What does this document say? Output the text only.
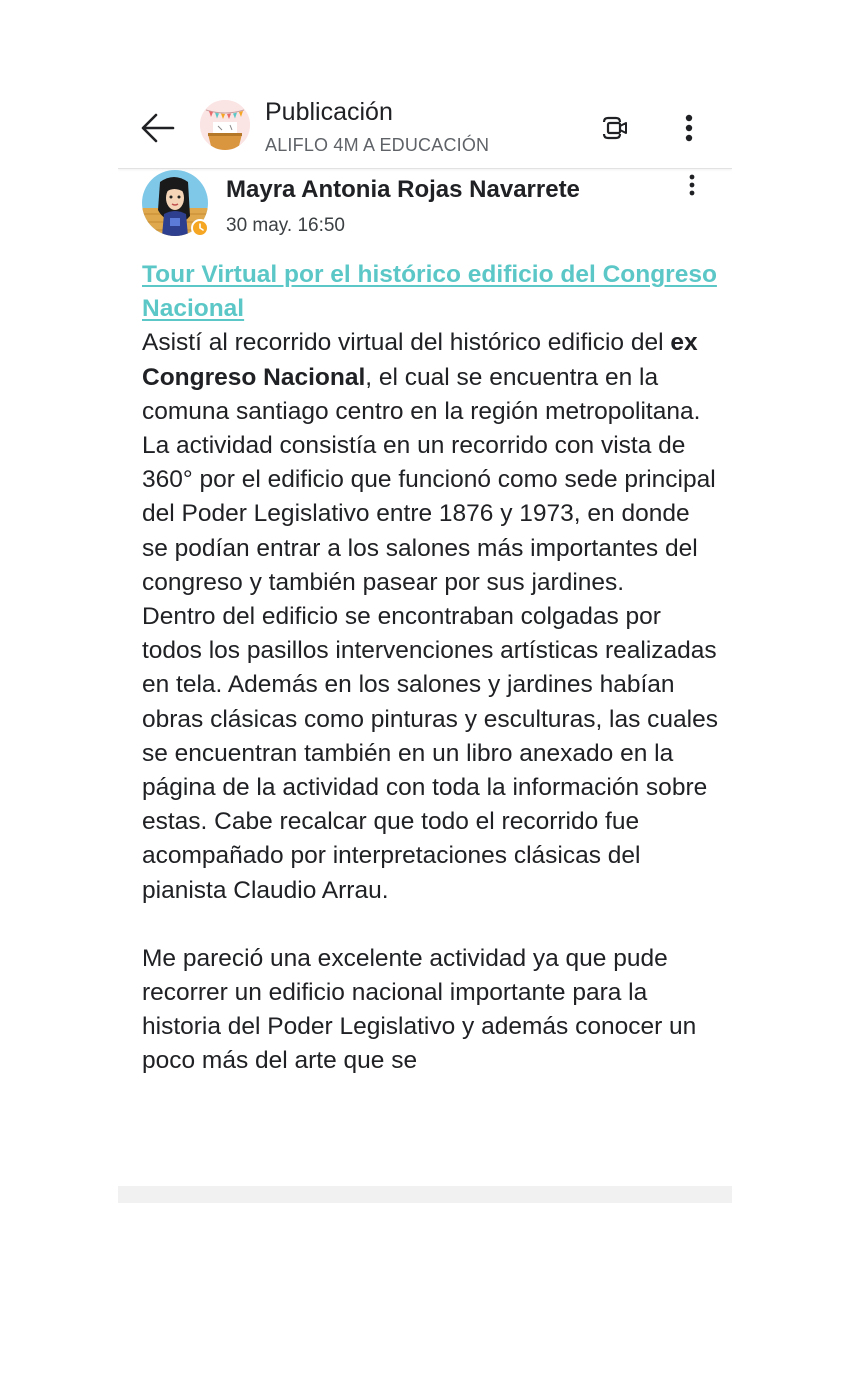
Publicación
ALIFLO 4M A EDUCACIÓN
Mayra Antonia Rojas Navarrete
30 may. 16:50
Tour Virtual por el histórico edificio del Congreso Nacional

Asistí al recorrido virtual del histórico edificio del ex Congreso Nacional, el cual se encuentra en la comuna santiago centro en la región metropolitana.

La actividad consistía en un recorrido con vista de 360° por el edificio que funcionó como sede principal del Poder Legislativo entre 1876 y 1973, en donde se podían entrar a los salones más importantes del congreso y también pasear por sus jardines.

Dentro del edificio se encontraban colgadas por todos los pasillos intervenciones artísticas realizadas en tela. Además en los salones y jardines habían obras clásicas como pinturas y esculturas, las cuales se encuentran también en un libro anexado en la página de la actividad con toda la información sobre estas. Cabe recalcar que todo el recorrido fue acompañado por interpretaciones clásicas del pianista Claudio Arrau.

Me pareció una excelente actividad ya que pude recorrer un edificio nacional importante para la historia del Poder Legislativo y además conocer un poco más del arte que se
